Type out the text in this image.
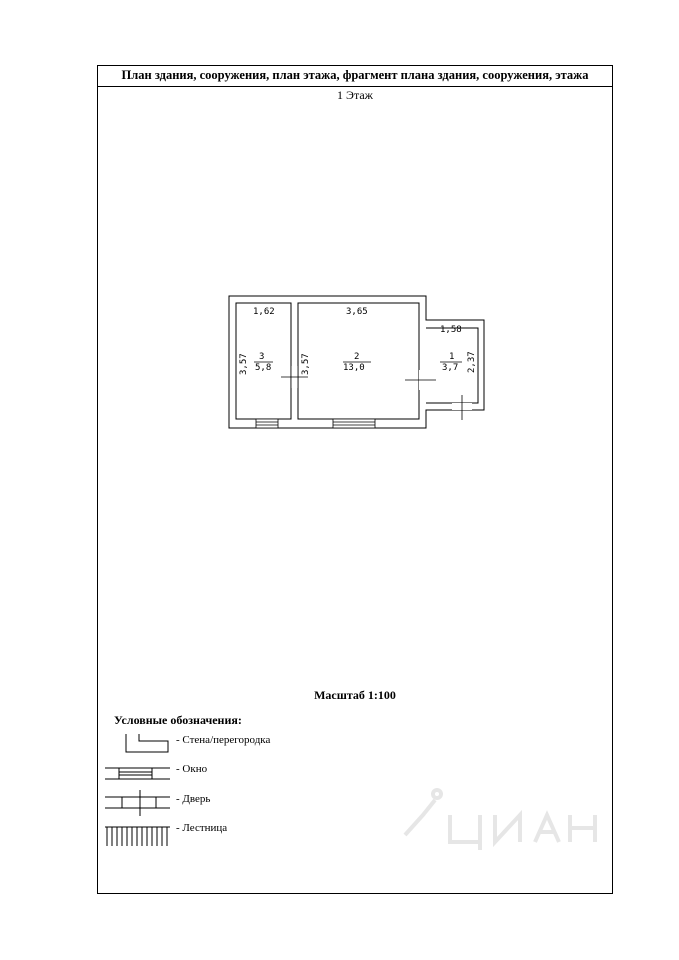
План здания, сооружения, план этажа, фрагмент плана здания, сооружения, этажа
1 Этаж
Масштаб 1:100
Условные обозначения:
1,62	3,65
1,58
3,57	3,57	2,37
3
5,8
2
13,0
1
3,7
- Стена/перегородка
- Окно
- Дверь
- Лестница
